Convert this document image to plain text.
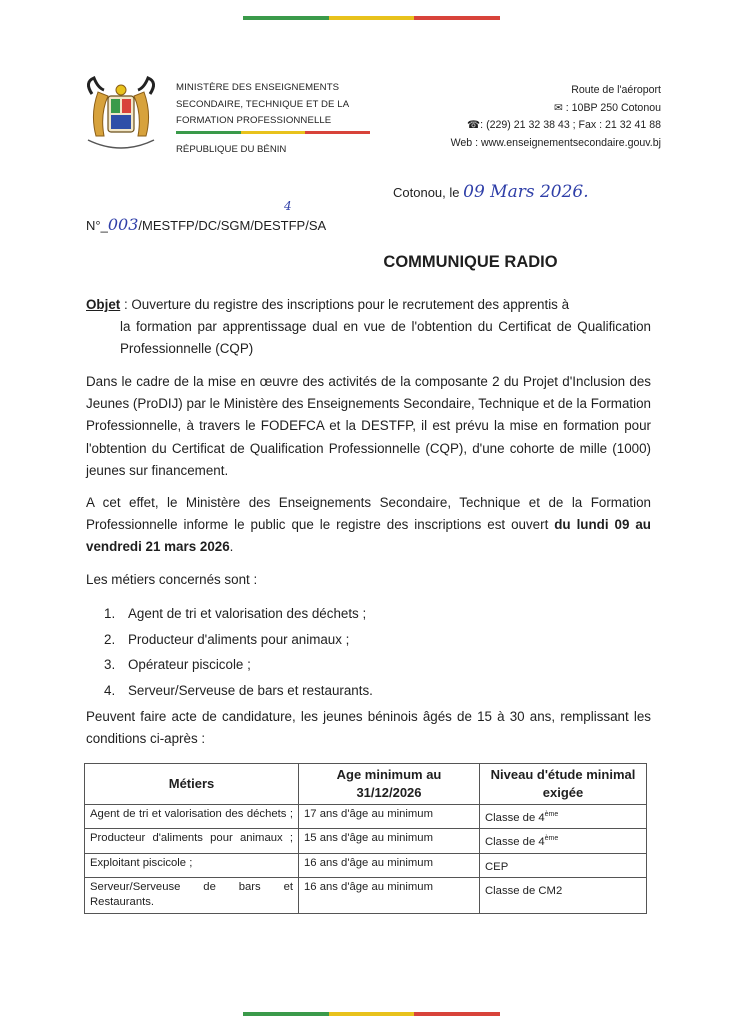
MINISTÈRE DES ENSEIGNEMENTS
SECONDAIRE, TECHNIQUE ET DE LA
FORMATION PROFESSIONNELLE
RÉPUBLIQUE DU BÉNIN
Route de l'aéroport
✉ : 10BP 250 Cotonou
☎: (229) 21 32 38 43 ; Fax : 21 32 41 88
Web : www.enseignementsecondaire.gouv.bj
Cotonou, le 09 Mars 2026.
N°_003/MESTFP/DC/SGM/DESTFP/SA
4
COMMUNIQUE RADIO
Objet : Ouverture du registre des inscriptions pour le recrutement des apprentis à
la formation par apprentissage dual en vue de l'obtention du Certificat de Qualification Professionnelle (CQP)
Dans le cadre de la mise en œuvre des activités de la composante 2 du Projet d'Inclusion des Jeunes (ProDIJ) par le Ministère des Enseignements Secondaire, Technique et de la Formation Professionnelle, à travers le FODEFCA et la DESTFP, il est prévu la mise en formation pour l'obtention du Certificat de Qualification Professionnelle (CQP), d'une cohorte de mille (1000) jeunes sur financement.
A cet effet, le Ministère des Enseignements Secondaire, Technique et de la Formation Professionnelle informe le public que le registre des inscriptions est ouvert du lundi 09 au vendredi 21 mars 2026.
Les métiers concernés sont :
1. Agent de tri et valorisation des déchets ;
2. Producteur d'aliments pour animaux ;
3. Opérateur piscicole ;
4. Serveur/Serveuse de bars et restaurants.
Peuvent faire acte de candidature, les jeunes béninois âgés de 15 à 30 ans, remplissant les conditions ci-après :
Métiers	Age minimum au 31/12/2026	Niveau d'étude minimal exigée
Agent de tri et valorisation des déchets ;	17 ans d'âge au minimum	Classe de 4ème
Producteur d'aliments pour animaux ;	15 ans d'âge au minimum	Classe de 4ème
Exploitant piscicole ;	16 ans d'âge au minimum	CEP
Serveur/Serveuse de bars et Restaurants.	16 ans d'âge au minimum	Classe de CM2
